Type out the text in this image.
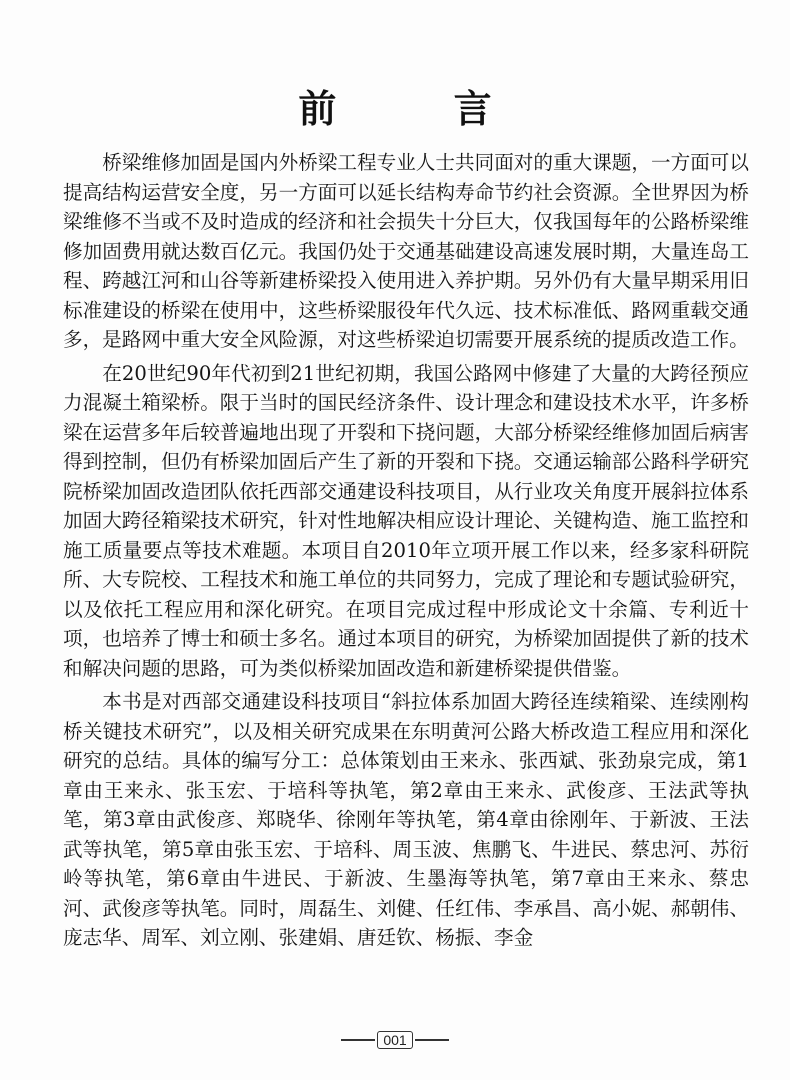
前 言

桥梁维修加固是国内外桥梁工程专业人士共同面对的重大课题，一方面可以提高结构运营安全度，另一方面可以延长结构寿命节约社会资源。全世界因为桥梁维修不当或不及时造成的经济和社会损失十分巨大，仅我国每年的公路桥梁维修加固费用就达数百亿元。我国仍处于交通基础建设高速发展时期，大量连岛工程、跨越江河和山谷等新建桥梁投入使用进入养护期。另外仍有大量早期采用旧标准建设的桥梁在使用中，这些桥梁服役年代久远、技术标准低、路网重载交通多，是路网中重大安全风险源，对这些桥梁迫切需要开展系统的提质改造工作。

在20世纪90年代初到21世纪初期，我国公路网中修建了大量的大跨径预应力混凝土箱梁桥。限于当时的国民经济条件、设计理念和建设技术水平，许多桥梁在运营多年后较普遍地出现了开裂和下挠问题，大部分桥梁经维修加固后病害得到控制，但仍有桥梁加固后产生了新的开裂和下挠。交通运输部公路科学研究院桥梁加固改造团队依托西部交通建设科技项目，从行业攻关角度开展斜拉体系加固大跨径箱梁技术研究，针对性地解决相应设计理论、关键构造、施工监控和施工质量要点等技术难题。本项目自2010年立项开展工作以来，经多家科研院所、大专院校、工程技术和施工单位的共同努力，完成了理论和专题试验研究，以及依托工程应用和深化研究。在项目完成过程中形成论文十余篇、专利近十项，也培养了博士和硕士多名。通过本项目的研究，为桥梁加固提供了新的技术和解决问题的思路，可为类似桥梁加固改造和新建桥梁提供借鉴。

本书是对西部交通建设科技项目“斜拉体系加固大跨径连续箱梁、连续刚构桥关键技术研究”，以及相关研究成果在东明黄河公路大桥改造工程应用和深化研究的总结。具体的编写分工：总体策划由王来永、张西斌、张劲泉完成，第1章由王来永、张玉宏、于培科等执笔，第2章由王来永、武俊彦、王法武等执笔，第3章由武俊彦、郑晓华、徐刚年等执笔，第4章由徐刚年、于新波、王法武等执笔，第5章由张玉宏、于培科、周玉波、焦鹏飞、牛进民、蔡忠河、苏衍岭等执笔，第6章由牛进民、于新波、生墨海等执笔，第7章由王来永、蔡忠河、武俊彦等执笔。同时，周磊生、刘健、任红伟、李承昌、高小妮、郝朝伟、庞志华、周军、刘立刚、张建娟、唐廷钦、杨振、李金

001
